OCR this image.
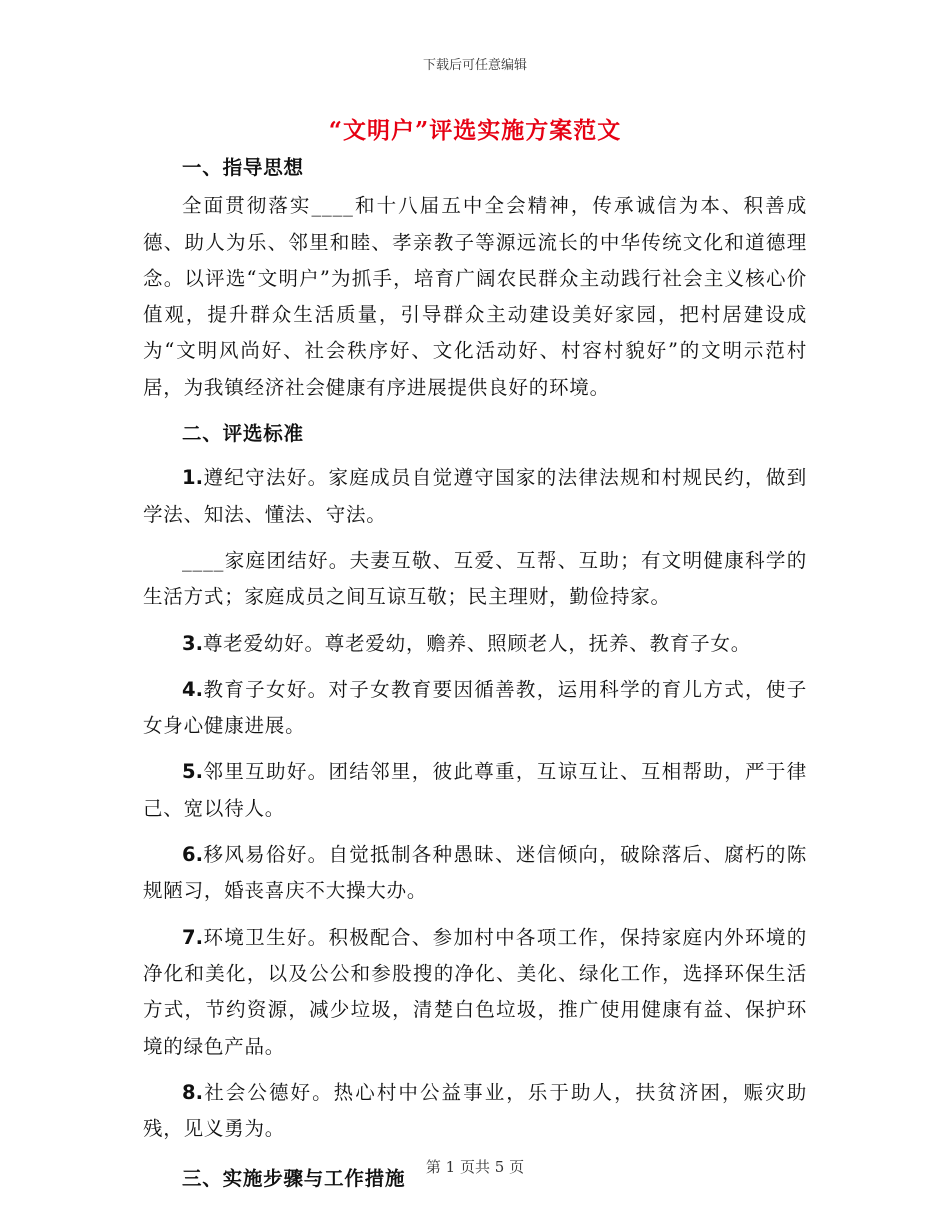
下载后可任意编辑
“文明户”评选实施方案范文

一、指导思想

全面贯彻落实____和十八届五中全会精神，传承诚信为本、积善成德、助人为乐、邻里和睦、孝亲教子等源远流长的中华传统文化和道德理念。以评选“文明户”为抓手，培育广阔农民群众主动践行社会主义核心价值观，提升群众生活质量，引导群众主动建设美好家园，把村居建设成为“文明风尚好、社会秩序好、文化活动好、村容村貌好”的文明示范村居，为我镇经济社会健康有序进展提供良好的环境。

二、评选标准

1.遵纪守法好。家庭成员自觉遵守国家的法律法规和村规民约，做到学法、知法、懂法、守法。

____家庭团结好。夫妻互敬、互爱、互帮、互助；有文明健康科学的生活方式；家庭成员之间互谅互敬；民主理财，勤俭持家。

3.尊老爱幼好。尊老爱幼，赡养、照顾老人，抚养、教育子女。

4.教育子女好。对子女教育要因循善教，运用科学的育儿方式，使子女身心健康进展。

5.邻里互助好。团结邻里，彼此尊重，互谅互让、互相帮助，严于律己、宽以待人。

6.移风易俗好。自觉抵制各种愚昧、迷信倾向，破除落后、腐朽的陈规陋习，婚丧喜庆不大操大办。

7.环境卫生好。积极配合、参加村中各项工作，保持家庭内外环境的净化和美化，以及公公和参股搜的净化、美化、绿化工作，选择环保生活方式，节约资源，减少垃圾，清楚白色垃圾，推广使用健康有益、保护环境的绿色产品。

8.社会公德好。热心村中公益事业，乐于助人，扶贫济困，赈灾助残，见义勇为。

三、实施步骤与工作措施

第 1 页共 5 页
